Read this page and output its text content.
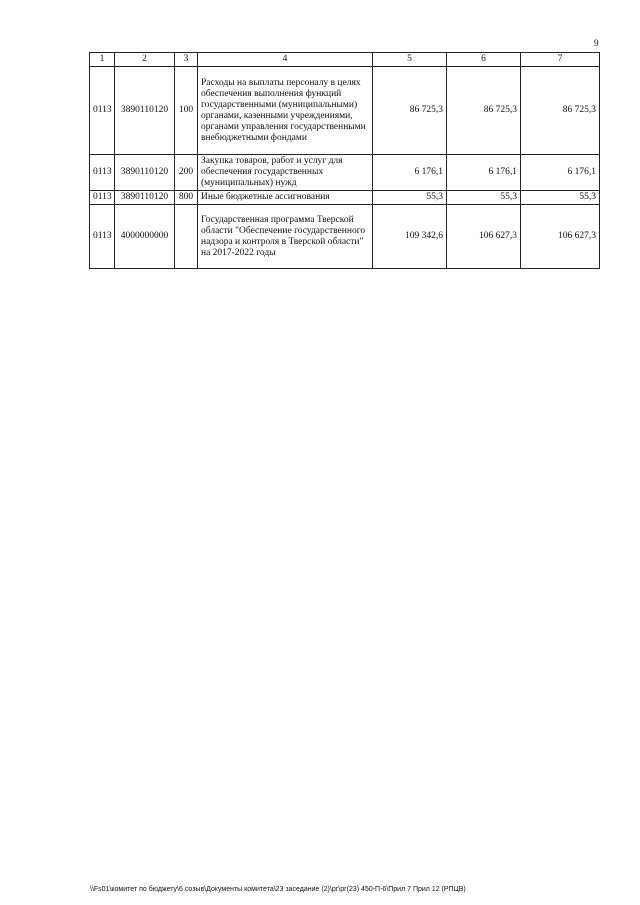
9
1	2	3	4	5	6	7
0113	3890110120	100	Расходы на выплаты персоналу в целях обеспечения выполнения функций государственными (муниципальными) органами, казенными учреждениями, органами управления государственными внебюджетными фондами	86 725,3	86 725,3	86 725,3
0113	3890110120	200	Закупка товаров, работ и услуг для обеспечения государственных (муниципальных) нужд	6 176,1	6 176,1	6 176,1
0113	3890110120	800	Иные бюджетные ассигнования	55,3	55,3	55,3
0113	4000000000		Государственная программа Тверской области "Обеспечение государственного надзора и контроля в Тверской области" на 2017-2022 годы	109 342,6	106 627,3	106 627,3
\\Fs01\комитет по бюджету\6 созыв\Документы комитета\23 заседание (2)\рг\рг(23) 450-П-6\Прил 7 Прил 12 (РПЦВ)
